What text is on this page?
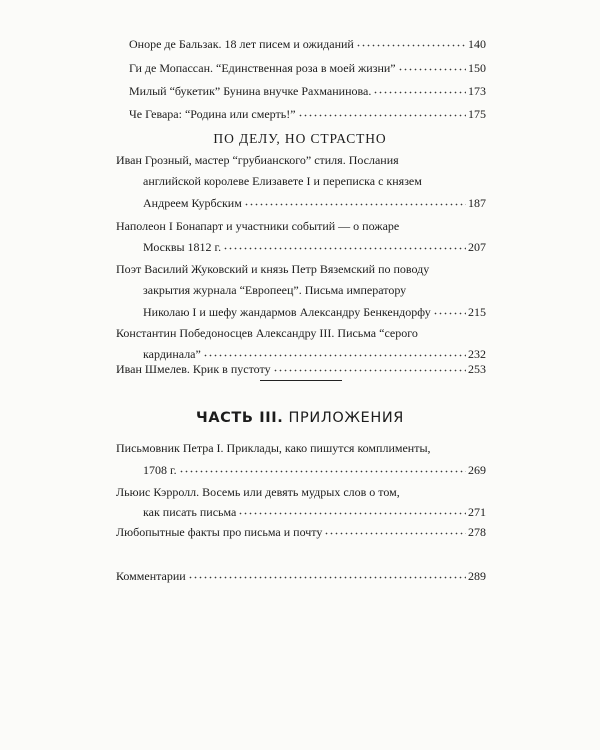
Оноре де Бальзак. 18 лет писем и ожиданий	140
Ги де Мопассан. “Единственная роза в моей жизни”	150
Милый “букетик” Бунина внучке Рахманинова.	173
Че Гевара: “Родина или смерть!”	175
ПО ДЕЛУ, НО СТРАСТНО
Иван Грозный, мастер “грубианского” стиля. Послания
английской королеве Елизавете I и переписка с князем
Андреем Курбским	187
Наполеон I Бонапарт и участники событий — о пожаре
Москвы 1812 г.	207
Поэт Василий Жуковский и князь Петр Вяземский по поводу
закрытия журнала “Европеец”. Письма императору
Николаю I и шефу жандармов Александру Бенкендорфу	215
Константин Победоносцев Александру III. Письма “серого
кардинала”	232
Иван Шмелев. Крик в пустоту	253
ЧАСТЬ III. ПРИЛОЖЕНИЯ
Письмовник Петра I. Приклады, како пишутся комплименты,
1708 г.	269
Льюис Кэрролл. Восемь или девять мудрых слов о том,
как писать письма	271
Любопытные факты про письма и почту	278
Комментарии	289
